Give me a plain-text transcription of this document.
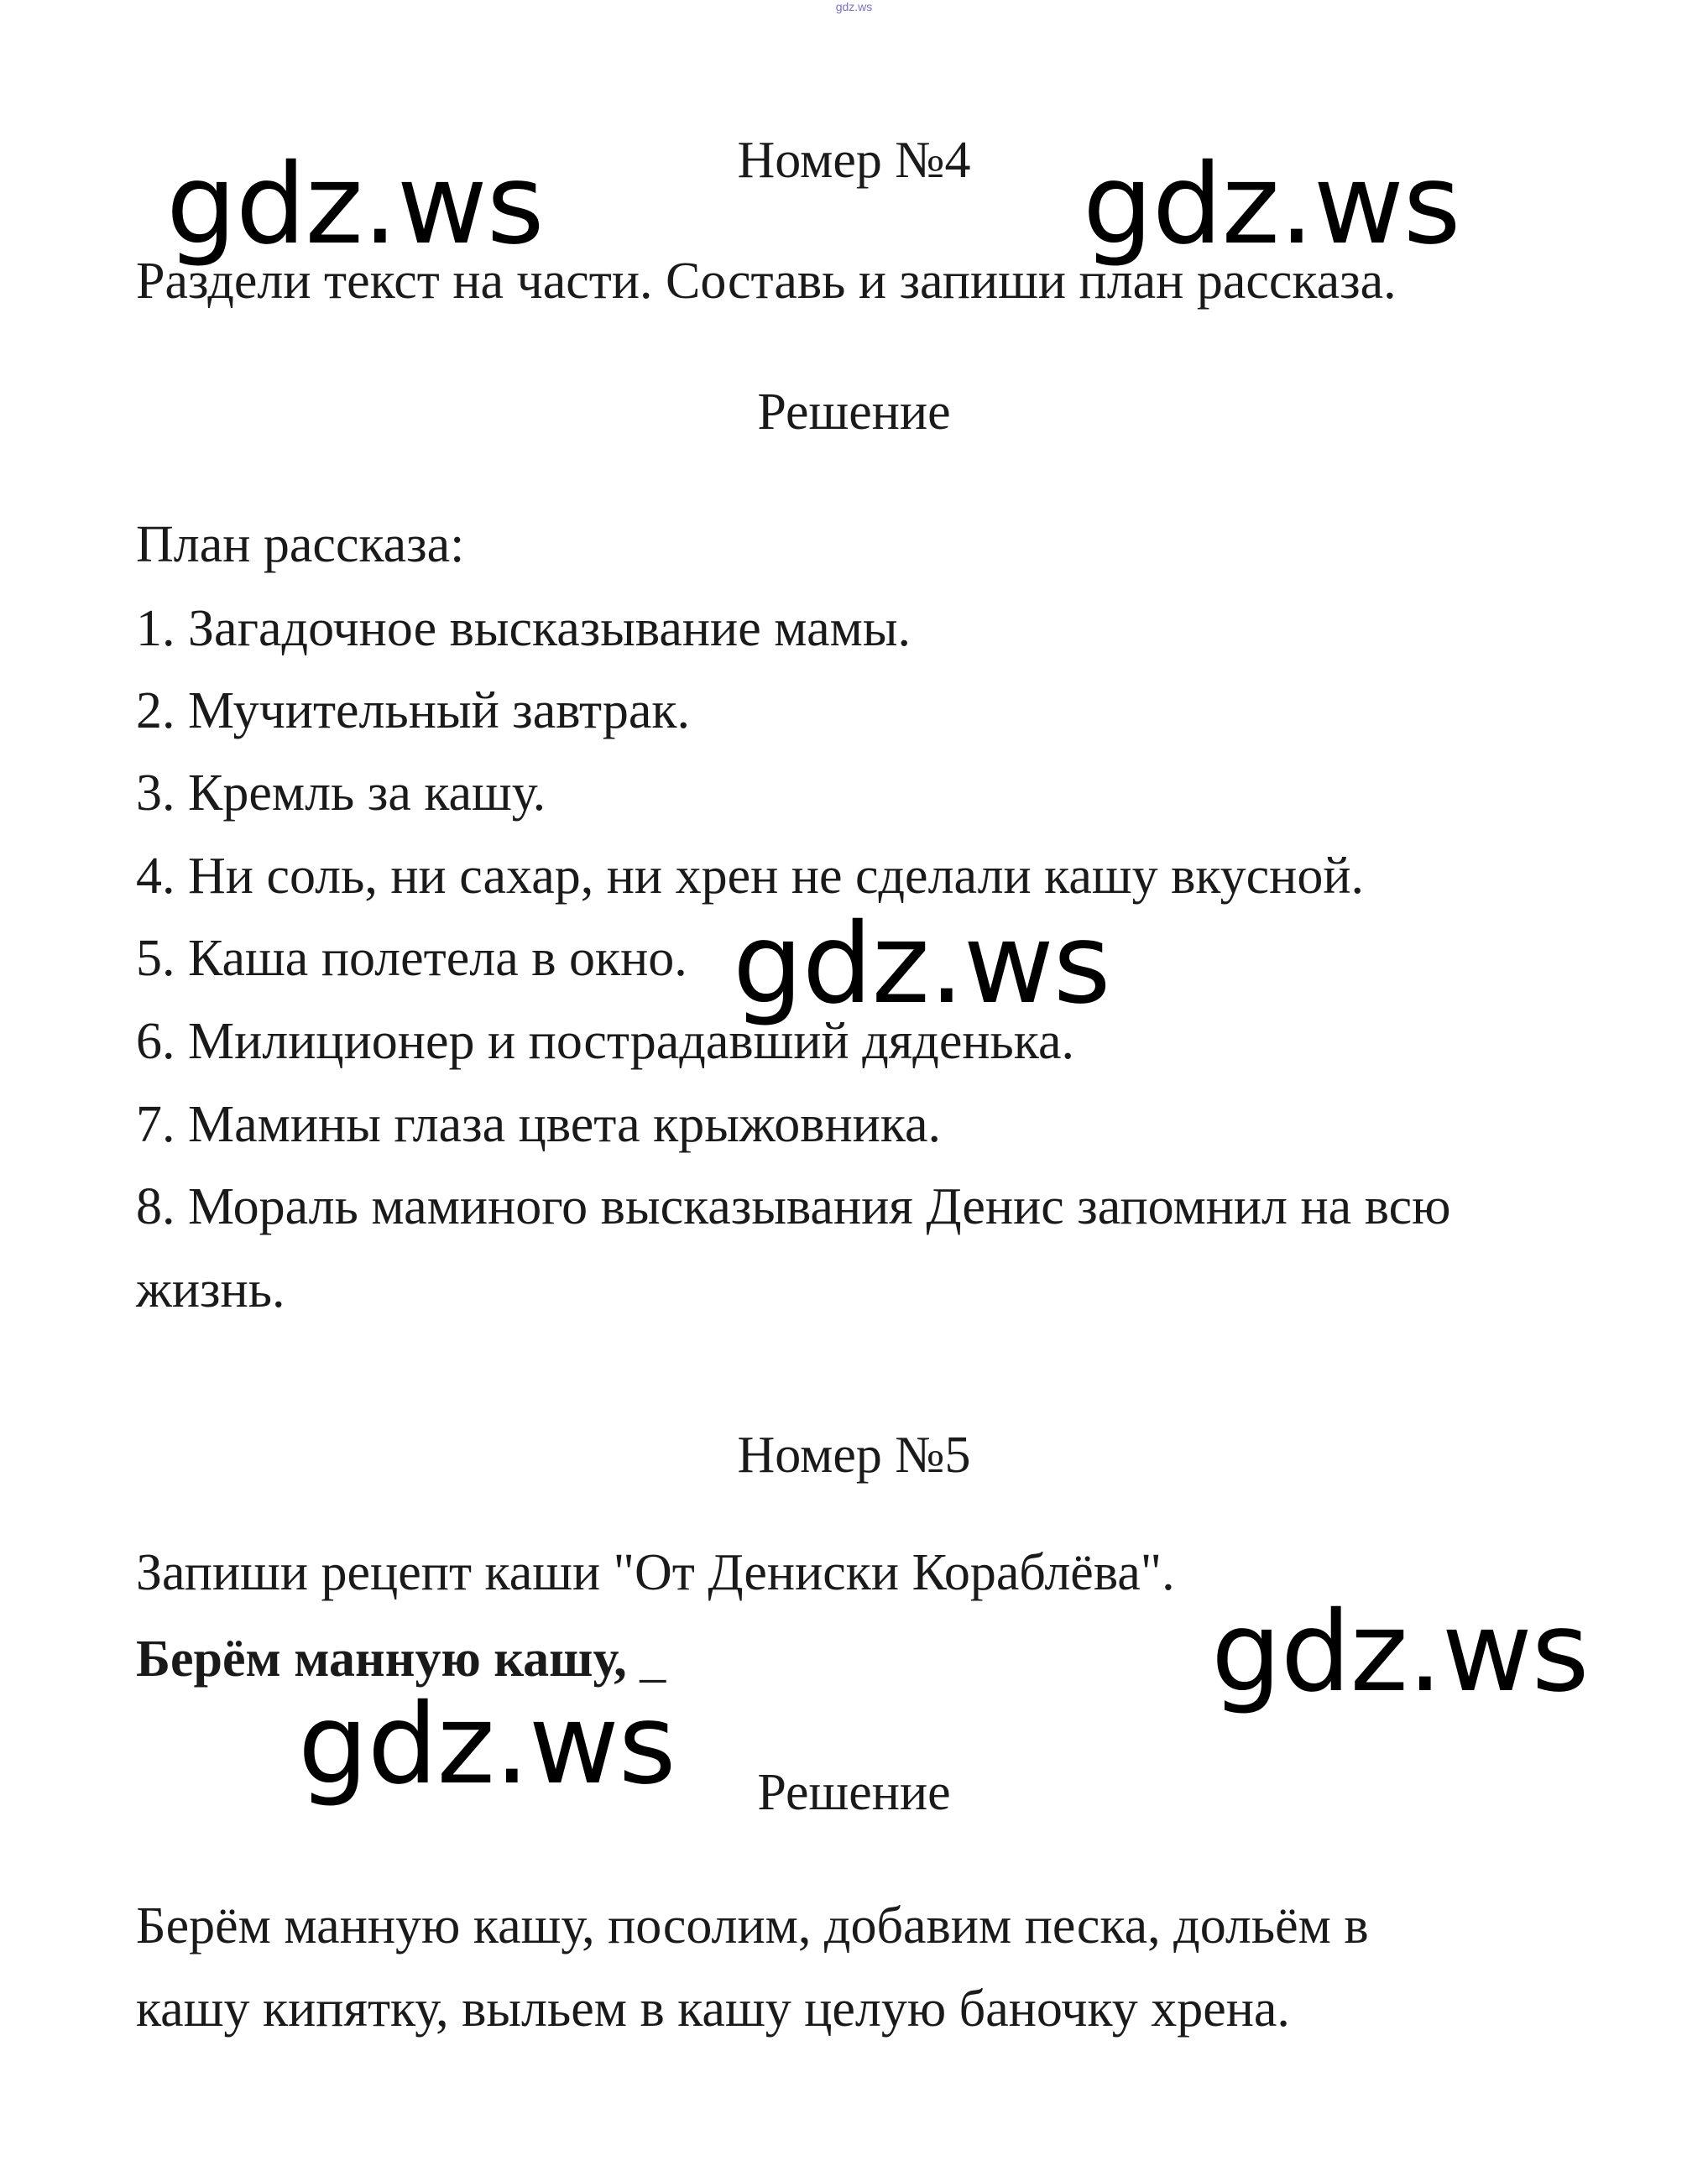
gdz.ws
Номер №4
Раздели текст на части. Составь и запиши план рассказа.
Решение
План рассказа:
1. Загадочное высказывание мамы.
2. Мучительный завтрак.
3. Кремль за кашу.
4. Ни соль, ни сахар, ни хрен не сделали кашу вкусной.
5. Каша полетела в окно.
6. Милиционер и пострадавший дяденька.
7. Мамины глаза цвета крыжовника.
8. Мораль маминого высказывания Денис запомнил на всю
жизнь.
Номер №5
Запиши рецепт каши "От Дениски Кораблёва".
Берём манную кашу, _
Решение
Берём манную кашу, посолим, добавим песка, дольём в
кашу кипятку, выльем в кашу целую баночку хрена.
gdz.ws	gdz.ws
gdz.ws
gdz.ws
gdz.ws
